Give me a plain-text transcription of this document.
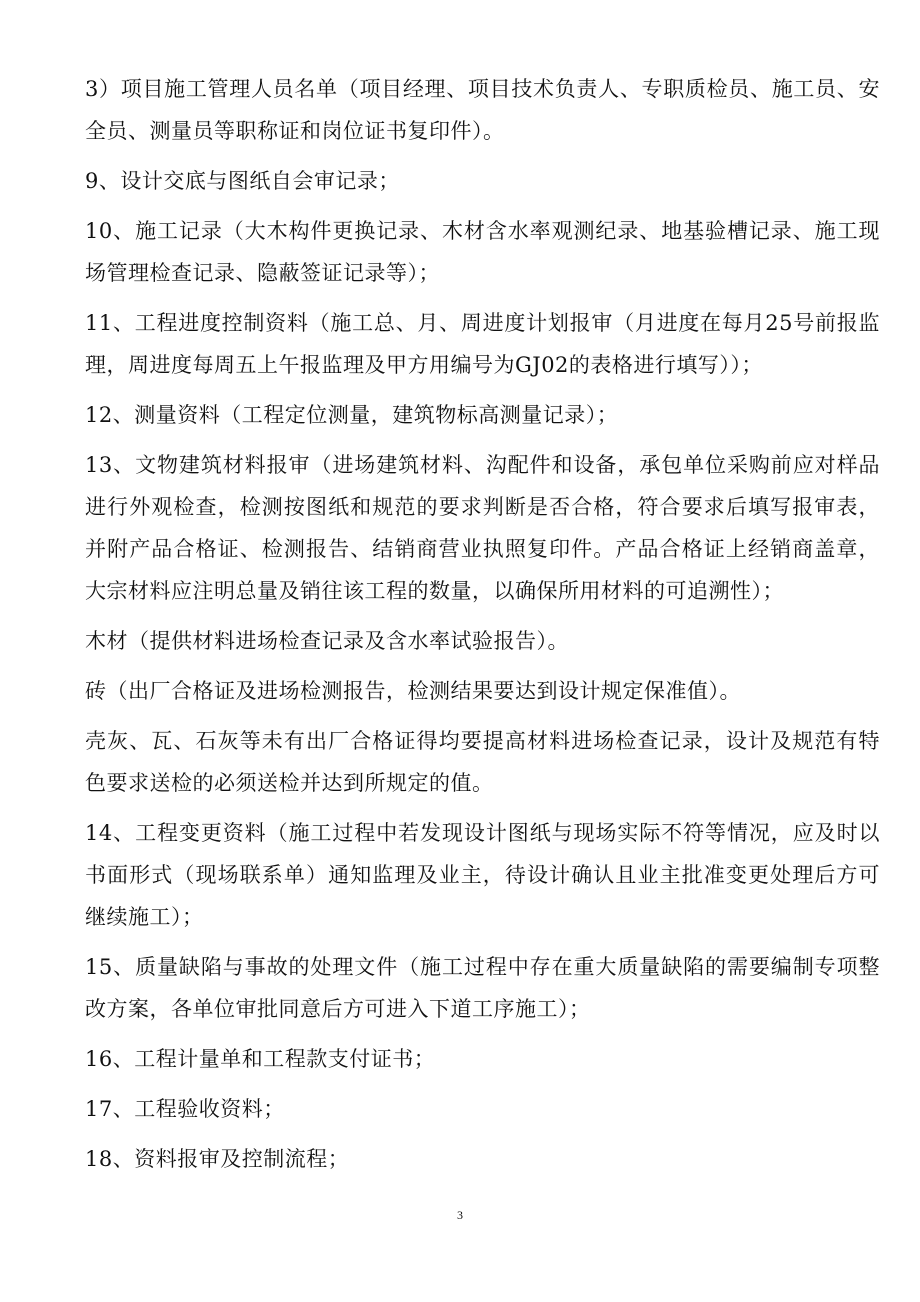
3）项目施工管理人员名单（项目经理、项目技术负责人、专职质检员、施工员、安全员、测量员等职称证和岗位证书复印件）。

9、设计交底与图纸自会审记录；

10、施工记录（大木构件更换记录、木材含水率观测纪录、地基验槽记录、施工现场管理检查记录、隐蔽签证记录等）；

11、工程进度控制资料（施工总、月、周进度计划报审（月进度在每月25号前报监理，周进度每周五上午报监理及甲方用编号为GJ02的表格进行填写））；

12、测量资料（工程定位测量，建筑物标高测量记录）；

13、文物建筑材料报审（进场建筑材料、沟配件和设备，承包单位采购前应对样品进行外观检查，检测按图纸和规范的要求判断是否合格，符合要求后填写报审表，并附产品合格证、检测报告、结销商营业执照复印件。产品合格证上经销商盖章，大宗材料应注明总量及销往该工程的数量，以确保所用材料的可追溯性）；

木材（提供材料进场检查记录及含水率试验报告）。

砖（出厂合格证及进场检测报告，检测结果要达到设计规定保准值）。

壳灰、瓦、石灰等未有出厂合格证得均要提高材料进场检查记录，设计及规范有特色要求送检的必须送检并达到所规定的值。

14、工程变更资料（施工过程中若发现设计图纸与现场实际不符等情况，应及时以书面形式（现场联系单）通知监理及业主，待设计确认且业主批准变更处理后方可继续施工）；

15、质量缺陷与事故的处理文件（施工过程中存在重大质量缺陷的需要编制专项整改方案，各单位审批同意后方可进入下道工序施工）；

16、工程计量单和工程款支付证书；

17、工程验收资料；

18、资料报审及控制流程；

3
